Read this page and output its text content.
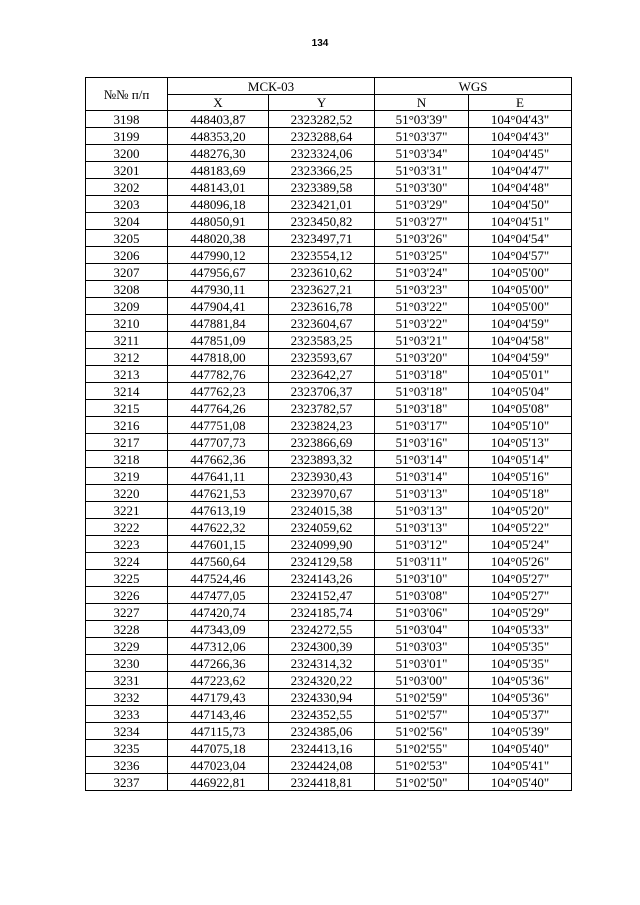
134
№№ п/п	МСК-03		WGS	
	X	Y	N	E
3198	448403,87	2323282,52	51°03'39"	104°04'43"
3199	448353,20	2323288,64	51°03'37"	104°04'43"
3200	448276,30	2323324,06	51°03'34"	104°04'45"
3201	448183,69	2323366,25	51°03'31"	104°04'47"
3202	448143,01	2323389,58	51°03'30"	104°04'48"
3203	448096,18	2323421,01	51°03'29"	104°04'50"
3204	448050,91	2323450,82	51°03'27"	104°04'51"
3205	448020,38	2323497,71	51°03'26"	104°04'54"
3206	447990,12	2323554,12	51°03'25"	104°04'57"
3207	447956,67	2323610,62	51°03'24"	104°05'00"
3208	447930,11	2323627,21	51°03'23"	104°05'00"
3209	447904,41	2323616,78	51°03'22"	104°05'00"
3210	447881,84	2323604,67	51°03'22"	104°04'59"
3211	447851,09	2323583,25	51°03'21"	104°04'58"
3212	447818,00	2323593,67	51°03'20"	104°04'59"
3213	447782,76	2323642,27	51°03'18"	104°05'01"
3214	447762,23	2323706,37	51°03'18"	104°05'04"
3215	447764,26	2323782,57	51°03'18"	104°05'08"
3216	447751,08	2323824,23	51°03'17"	104°05'10"
3217	447707,73	2323866,69	51°03'16"	104°05'13"
3218	447662,36	2323893,32	51°03'14"	104°05'14"
3219	447641,11	2323930,43	51°03'14"	104°05'16"
3220	447621,53	2323970,67	51°03'13"	104°05'18"
3221	447613,19	2324015,38	51°03'13"	104°05'20"
3222	447622,32	2324059,62	51°03'13"	104°05'22"
3223	447601,15	2324099,90	51°03'12"	104°05'24"
3224	447560,64	2324129,58	51°03'11"	104°05'26"
3225	447524,46	2324143,26	51°03'10"	104°05'27"
3226	447477,05	2324152,47	51°03'08"	104°05'27"
3227	447420,74	2324185,74	51°03'06"	104°05'29"
3228	447343,09	2324272,55	51°03'04"	104°05'33"
3229	447312,06	2324300,39	51°03'03"	104°05'35"
3230	447266,36	2324314,32	51°03'01"	104°05'35"
3231	447223,62	2324320,22	51°03'00"	104°05'36"
3232	447179,43	2324330,94	51°02'59"	104°05'36"
3233	447143,46	2324352,55	51°02'57"	104°05'37"
3234	447115,73	2324385,06	51°02'56"	104°05'39"
3235	447075,18	2324413,16	51°02'55"	104°05'40"
3236	447023,04	2324424,08	51°02'53"	104°05'41"
3237	446922,81	2324418,81	51°02'50"	104°05'40"
